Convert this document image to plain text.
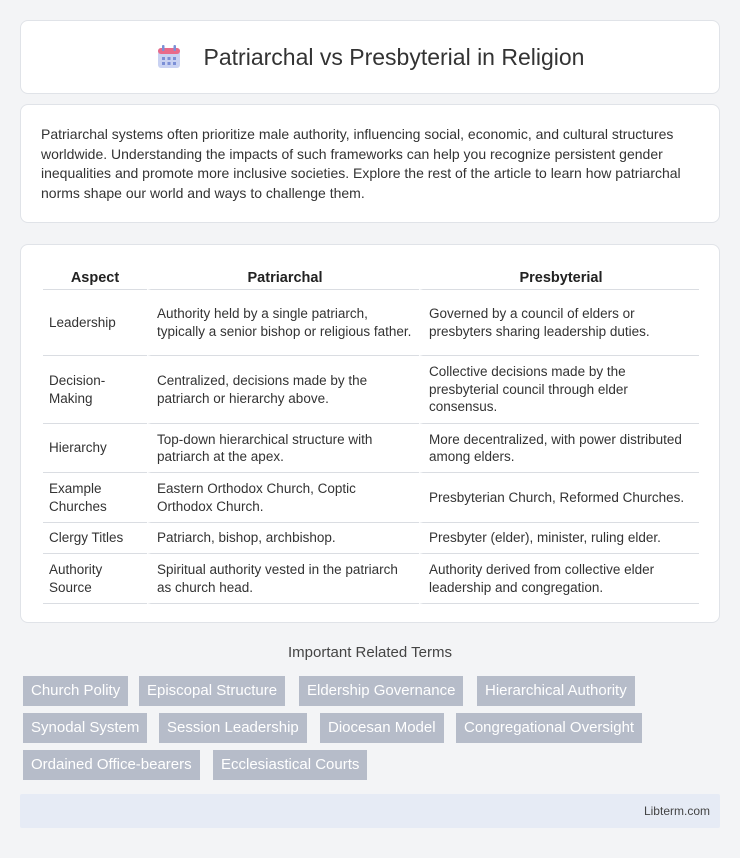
Patriarchal vs Presbyterial in Religion

Patriarchal systems often prioritize male authority, influencing social, economic, and cultural structures worldwide. Understanding the impacts of such frameworks can help you recognize persistent gender inequalities and promote more inclusive societies. Explore the rest of the article to learn how patriarchal norms shape our world and ways to challenge them.

Aspect	Patriarchal	Presbyterial
Leadership	Authority held by a single patriarch, typically a senior bishop or religious father.	Governed by a council of elders or presbyters sharing leadership duties.
Decision-Making	Centralized, decisions made by the patriarch or hierarchy above.	Collective decisions made by the presbyterial council through elder consensus.
Hierarchy	Top-down hierarchical structure with patriarch at the apex.	More decentralized, with power distributed among elders.
Example Churches	Eastern Orthodox Church, Coptic Orthodox Church.	Presbyterian Church, Reformed Churches.
Clergy Titles	Patriarch, bishop, archbishop.	Presbyter (elder), minister, ruling elder.
Authority Source	Spiritual authority vested in the patriarch as church head.	Authority derived from collective elder leadership and congregation.
Important Related Terms
Church Polity	Episcopal Structure	Eldership Governance	Hierarchical Authority
Synodal System	Session Leadership	Diocesan Model	Congregational Oversight
Ordained Office-bearers	Ecclesiastical Courts
Libterm.com
